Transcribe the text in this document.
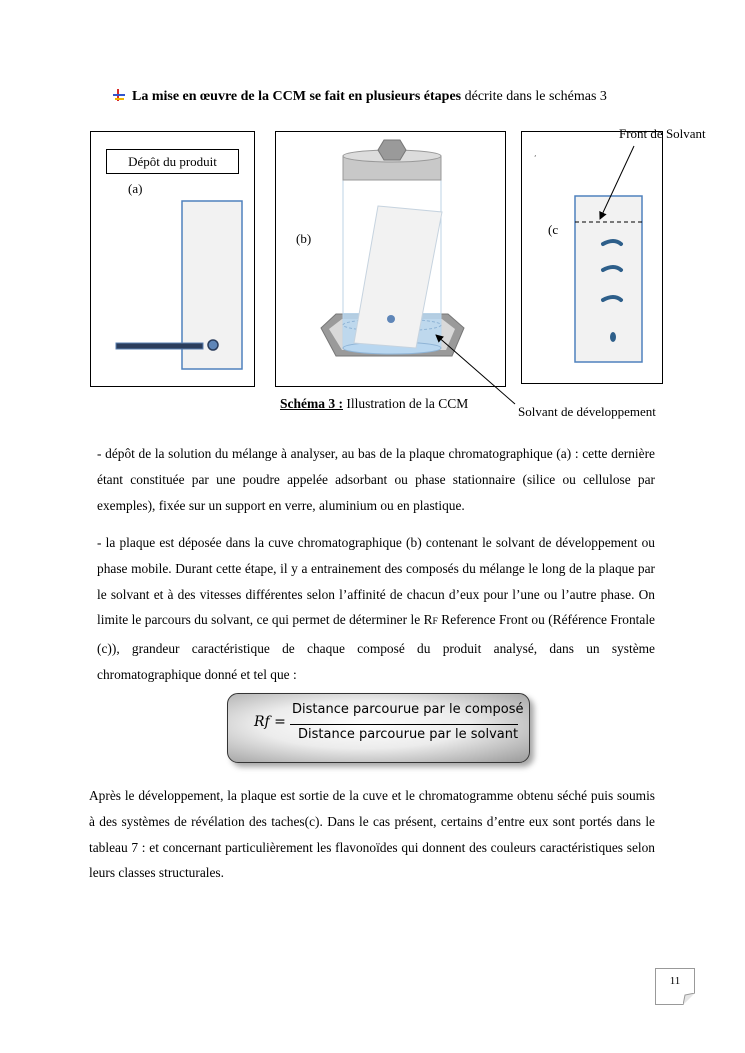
La mise en œuvre de la CCM se fait en plusieurs étapes décrite dans le schémas 3
Dépôt du produit
(a)
(b)
(c
,
Front de Solvant
Solvant de développement
Schéma 3 : Illustration de la CCM
- dépôt de la solution du mélange à analyser, au bas de la plaque chromatographique (a) : cette dernière étant constituée par une poudre appelée adsorbant ou phase stationnaire (silice ou cellulose par exemples), fixée sur un support en verre, aluminium ou en plastique.
- la plaque est déposée dans la cuve chromatographique (b) contenant le solvant de développement ou phase mobile. Durant cette étape, il y a entrainement des composés du mélange le long de la plaque par le solvant et à des vitesses différentes selon l’affinité de chacun d’eux pour l’une ou l’autre phase. On limite le parcours du solvant, ce qui permet de déterminer le RF Reference Front ou (Référence Frontale (c)), grandeur caractéristique de chaque composé du produit analysé, dans un système chromatographique donné et tel que :
Rf =
Distance parcourue par le composé
Distance parcourue par le solvant
Après le développement, la plaque est sortie de la cuve et le chromatogramme obtenu séché puis soumis à des systèmes de révélation des taches(c). Dans le cas présent, certains d’entre eux sont portés dans le tableau 7 : et concernant particulièrement les flavonoïdes qui donnent des couleurs caractéristiques selon leurs classes structurales.
11
